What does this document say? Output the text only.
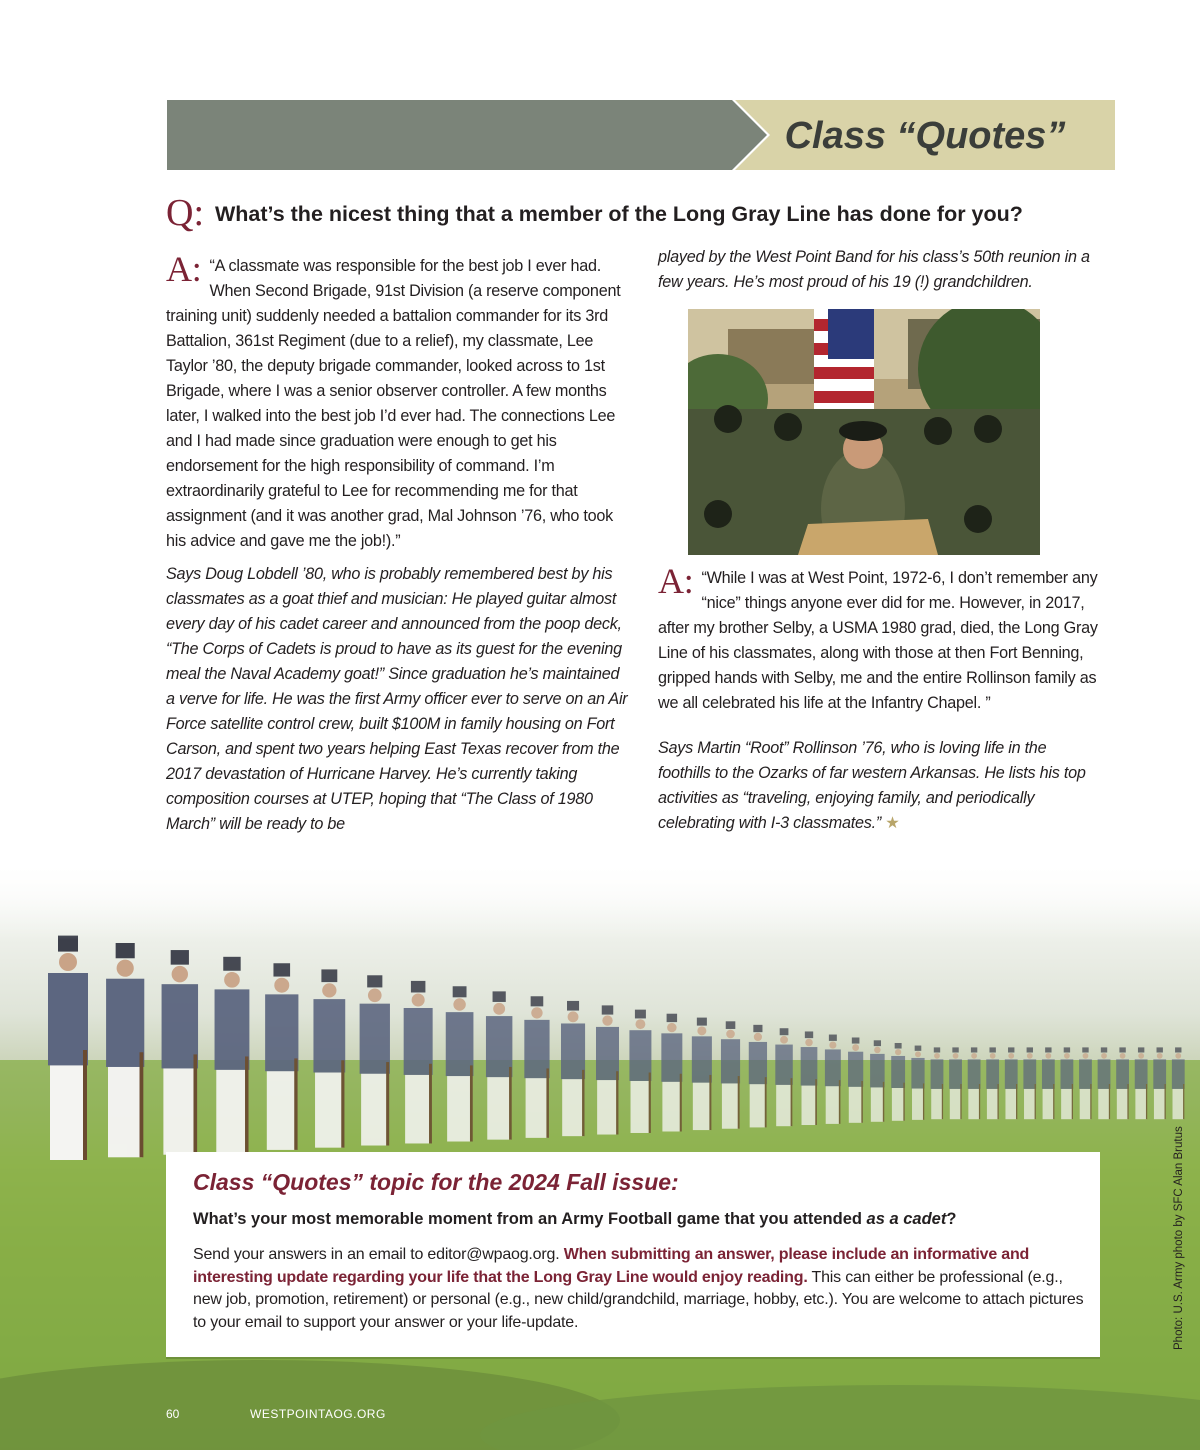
Class “Quotes”
Q: What’s the nicest thing that a member of the Long Gray Line has done for you?
A: “A classmate was responsible for the best job I ever had. When Second Brigade, 91st Division (a reserve component training unit) suddenly needed a battalion commander for its 3rd Battalion, 361st Regiment (due to a relief), my classmate, Lee Taylor ’80, the deputy brigade commander, looked across to 1st Brigade, where I was a senior observer controller. A few months later, I walked into the best job I’d ever had. The connections Lee and I had made since graduation were enough to get his endorsement for the high responsibility of command. I’m extraordinarily grateful to Lee for recommending me for that assignment (and it was another grad, Mal Johnson ’76, who took his advice and gave me the job!).”

Says Doug Lobdell ’80, who is probably remembered best by his classmates as a goat thief and musician: He played guitar almost every day of his cadet career and announced from the poop deck, “The Corps of Cadets is proud to have as its guest for the evening meal the Naval Academy goat!” Since graduation he’s maintained a verve for life. He was the first Army officer ever to serve on an Air Force satellite control crew, built $100M in family housing on Fort Carson, and spent two years helping East Texas recover from the 2017 devastation of Hurricane Harvey. He’s currently taking composition courses at UTEP, hoping that “The Class of 1980 March” will be ready to be

played by the West Point Band for his class’s 50th reunion in a few years. He’s most proud of his 19 (!) grandchildren.

A: “While I was at West Point, 1972-6, I don’t remember any “nice” things anyone ever did for me. However, in 2017, after my brother Selby, a USMA 1980 grad, died, the Long Gray Line of his classmates, along with those at then Fort Benning, gripped hands with Selby, me and the entire Rollinson family as we all celebrated his life at the Infantry Chapel. ”

Says Martin “Root” Rollinson ’76, who is loving life in the foothills to the Ozarks of far western Arkansas. He lists his top activities as “traveling, enjoying family, and periodically celebrating with I-3 classmates.” ★

Class “Quotes” topic for the 2024 Fall issue:
What’s your most memorable moment from an Army Football game that you attended as a cadet?
Send your answers in an email to editor@wpaog.org. When submitting an answer, please include an informative and interesting update regarding your life that the Long Gray Line would enjoy reading. This can either be professional (e.g., new job, promotion, retirement) or personal (e.g., new child/grandchild, marriage, hobby, etc.). You are welcome to attach pictures to your email to support your answer or your life-update.	Photo: U.S. Army photo by SFC Alan Brutus
60	WESTPOINTAOG.ORG
